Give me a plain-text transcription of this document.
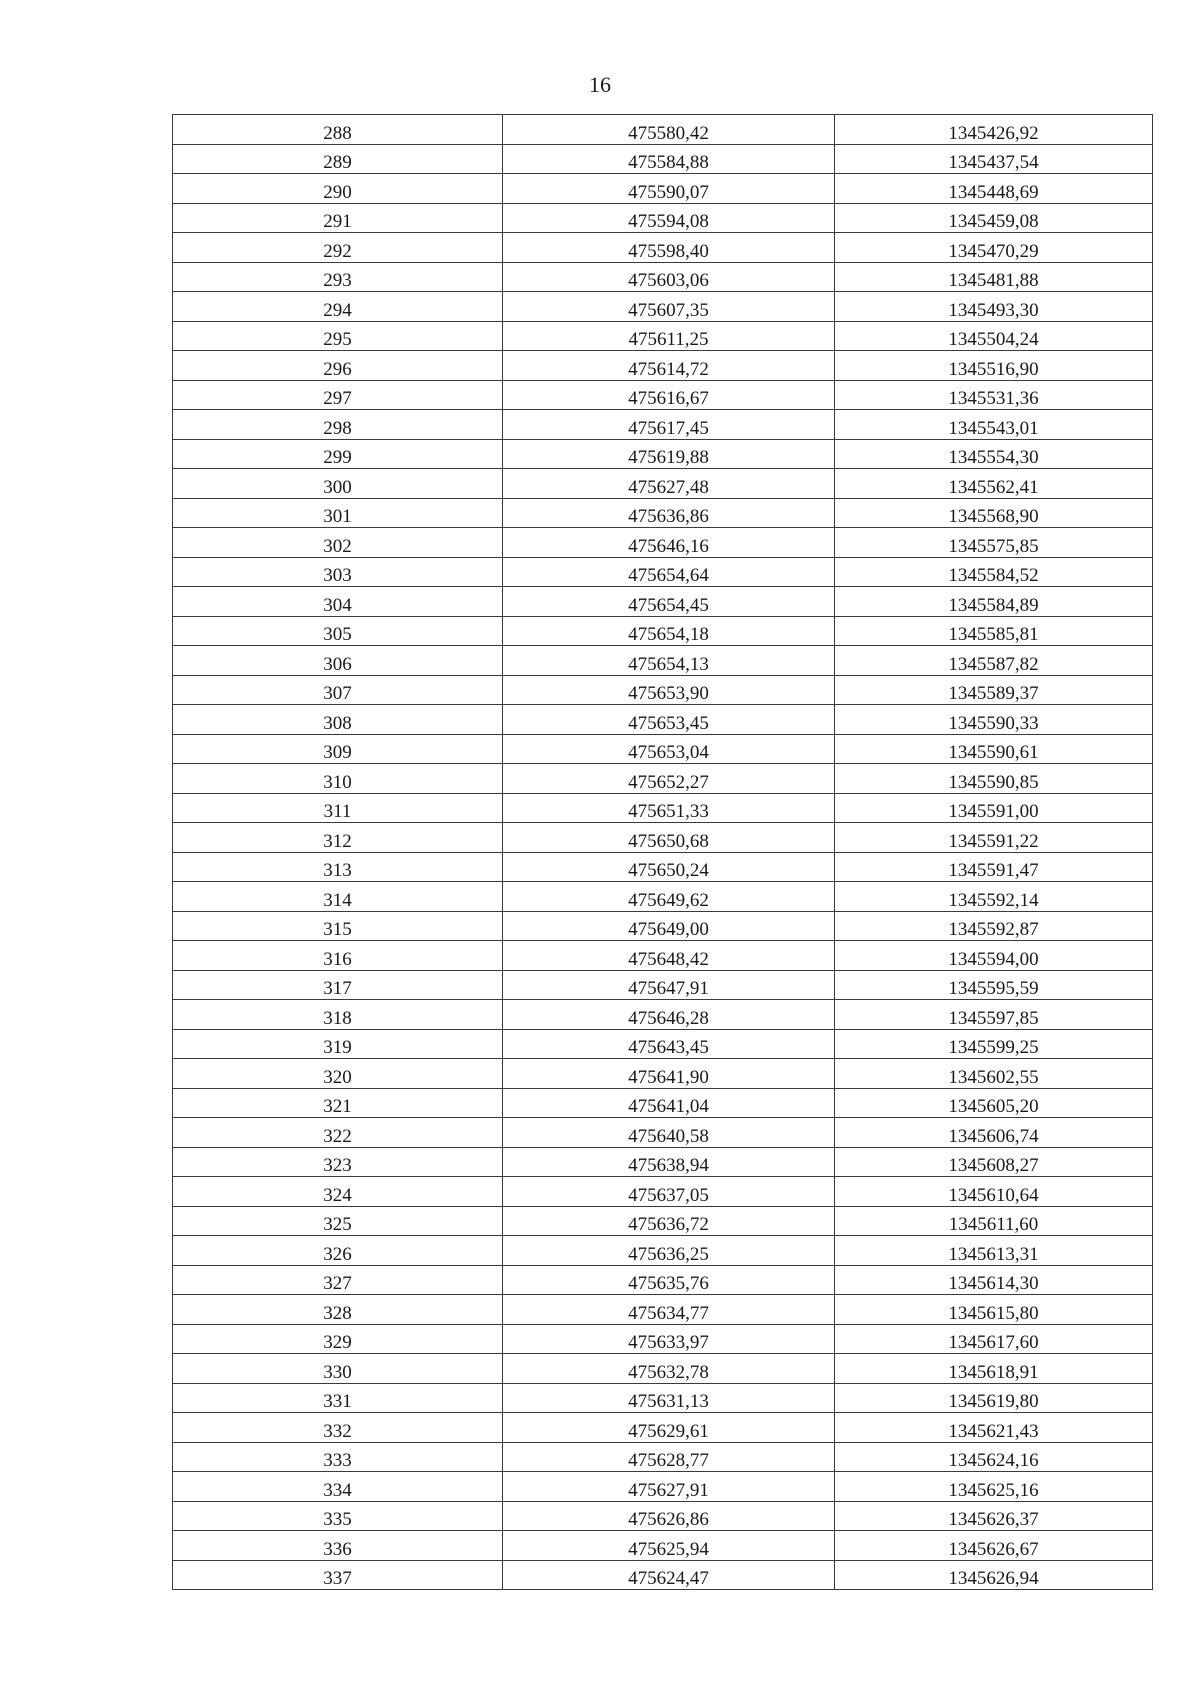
16
288	475580,42	1345426,92
289	475584,88	1345437,54
290	475590,07	1345448,69
291	475594,08	1345459,08
292	475598,40	1345470,29
293	475603,06	1345481,88
294	475607,35	1345493,30
295	475611,25	1345504,24
296	475614,72	1345516,90
297	475616,67	1345531,36
298	475617,45	1345543,01
299	475619,88	1345554,30
300	475627,48	1345562,41
301	475636,86	1345568,90
302	475646,16	1345575,85
303	475654,64	1345584,52
304	475654,45	1345584,89
305	475654,18	1345585,81
306	475654,13	1345587,82
307	475653,90	1345589,37
308	475653,45	1345590,33
309	475653,04	1345590,61
310	475652,27	1345590,85
311	475651,33	1345591,00
312	475650,68	1345591,22
313	475650,24	1345591,47
314	475649,62	1345592,14
315	475649,00	1345592,87
316	475648,42	1345594,00
317	475647,91	1345595,59
318	475646,28	1345597,85
319	475643,45	1345599,25
320	475641,90	1345602,55
321	475641,04	1345605,20
322	475640,58	1345606,74
323	475638,94	1345608,27
324	475637,05	1345610,64
325	475636,72	1345611,60
326	475636,25	1345613,31
327	475635,76	1345614,30
328	475634,77	1345615,80
329	475633,97	1345617,60
330	475632,78	1345618,91
331	475631,13	1345619,80
332	475629,61	1345621,43
333	475628,77	1345624,16
334	475627,91	1345625,16
335	475626,86	1345626,37
336	475625,94	1345626,67
337	475624,47	1345626,94
